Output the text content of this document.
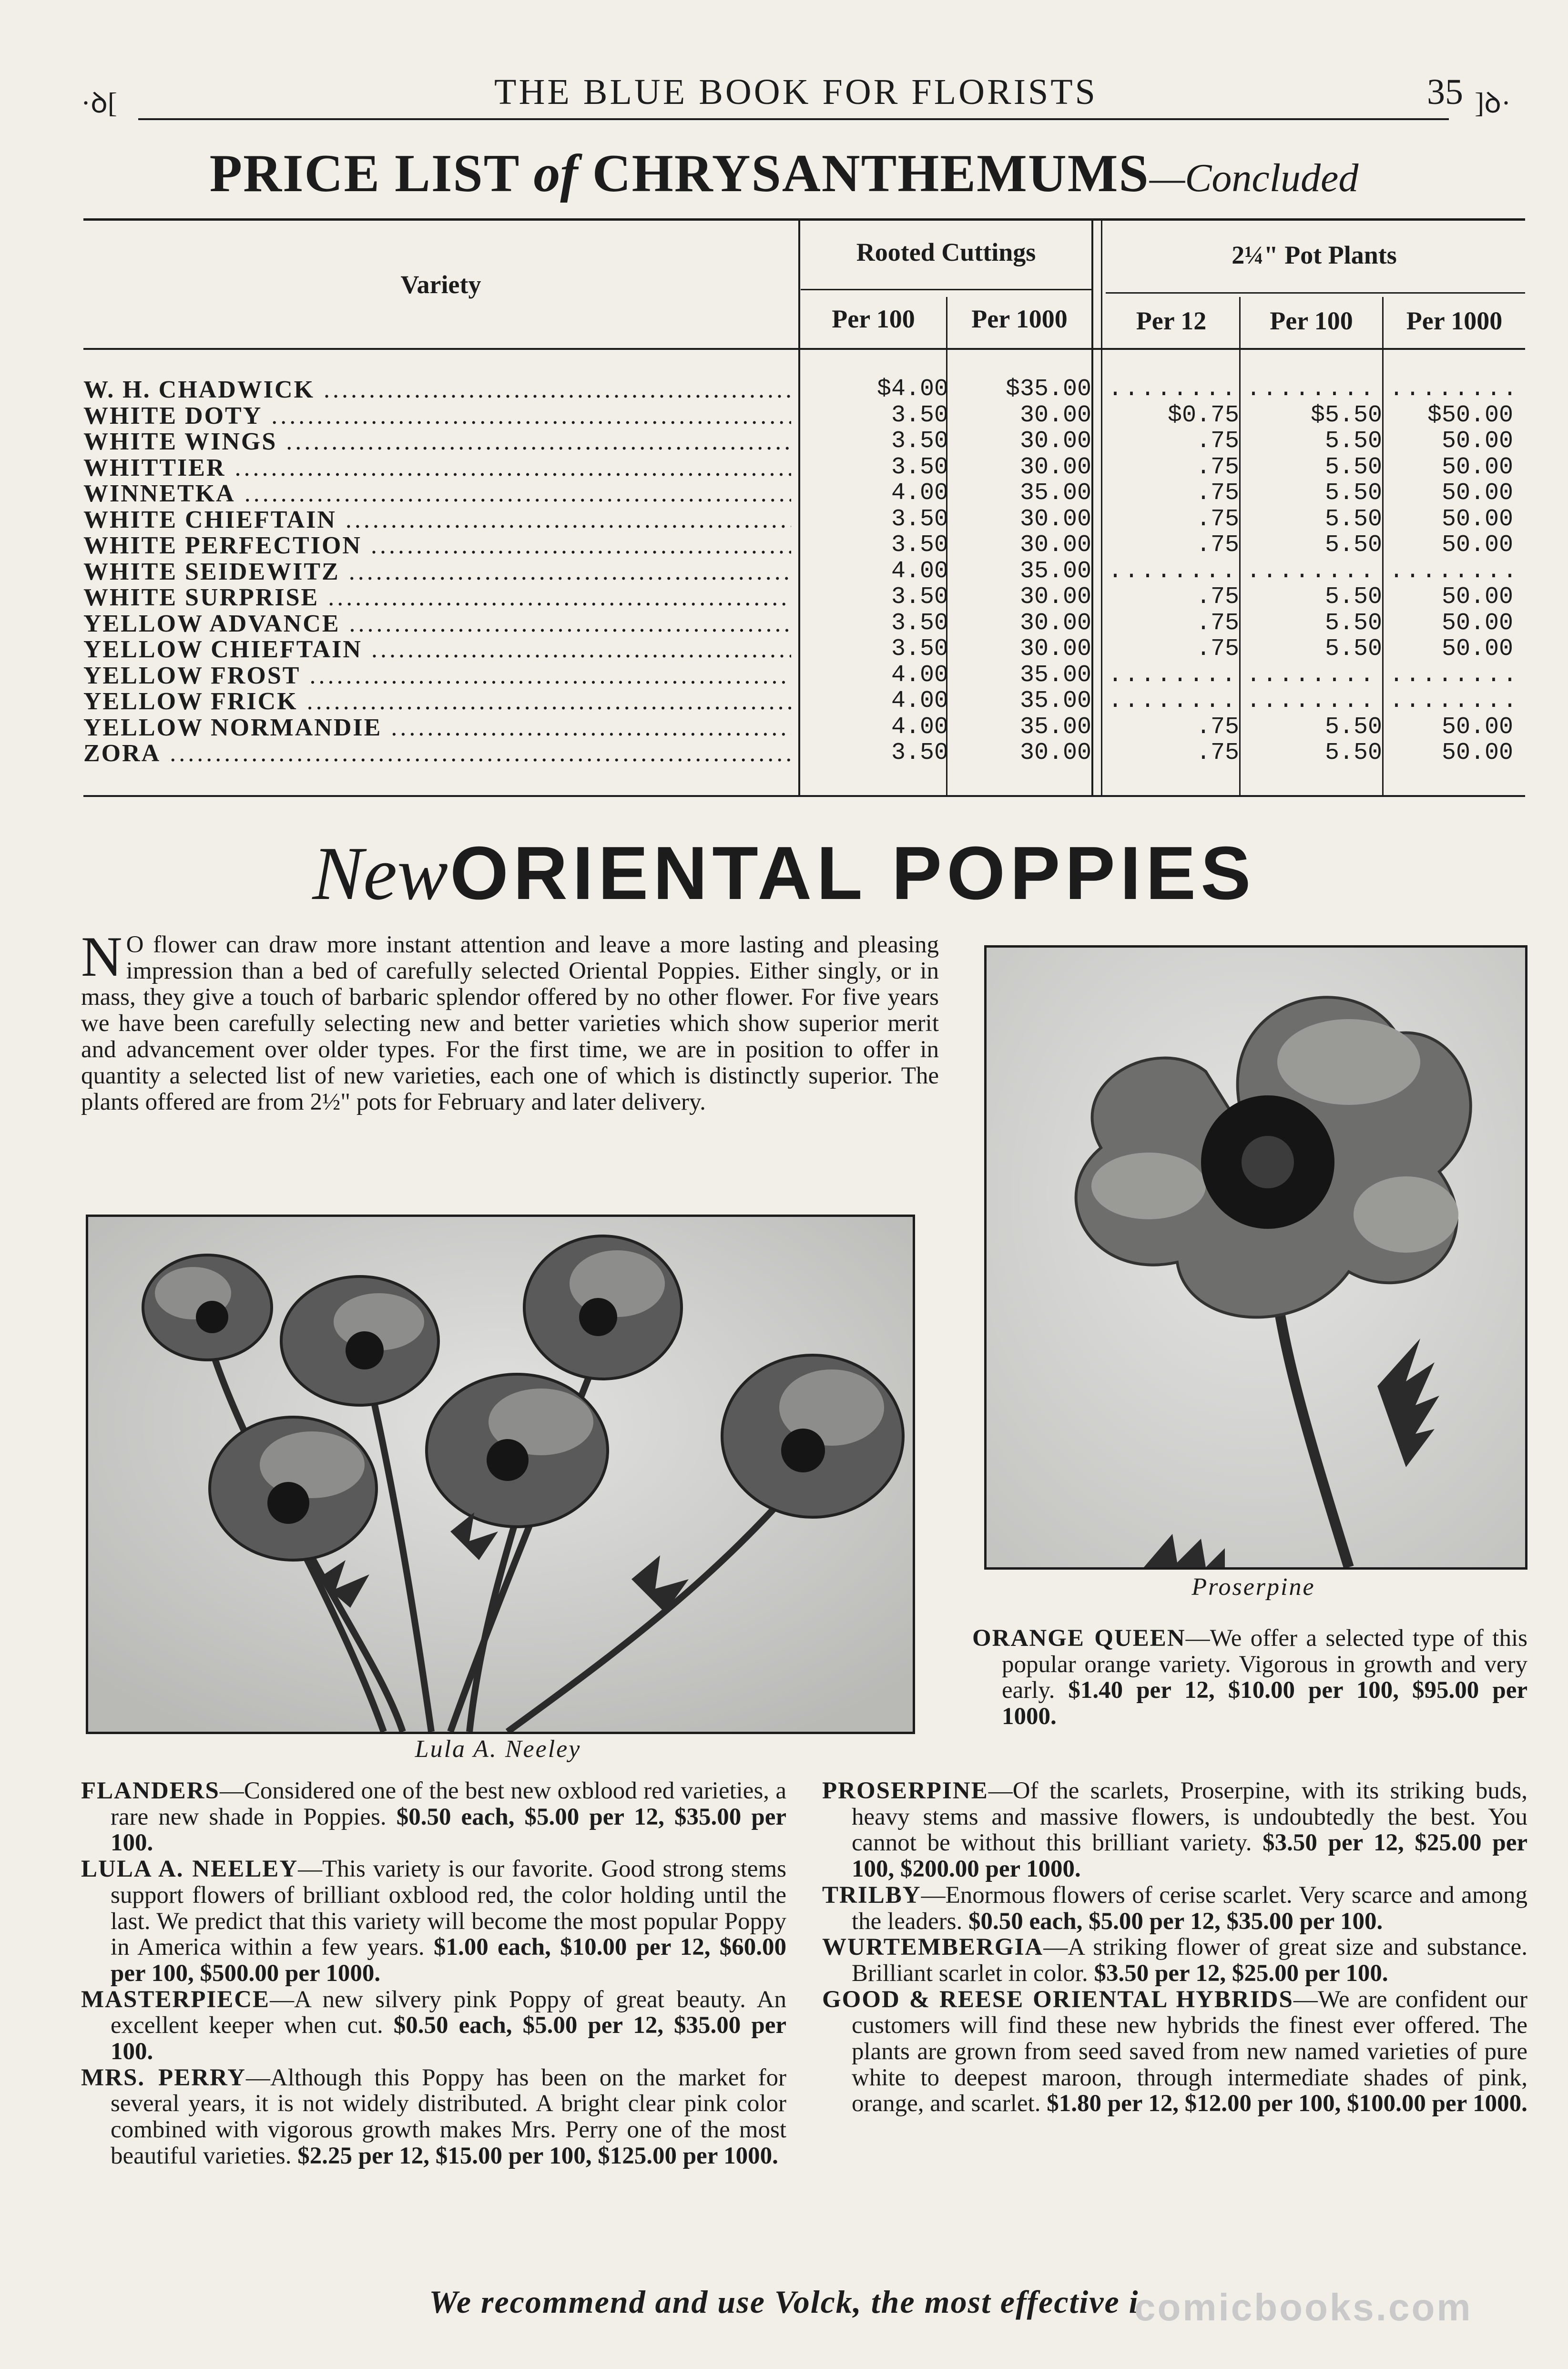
·ꝺ[	THE BLUE BOOK FOR FLORISTS	35 ]ꝺ·
PRICE LIST of CHRYSANTHEMUMS—Concluded
Variety
Rooted Cuttings	2¼" Pot Plants
Per 100	Per 1000	Per 12	Per 100	Per 1000
W. H. CHADWICK .....	$4.00 $35.00 ........ ........ ........
WHITE DOTY .....	3.50	30.00	$0.75	$5.50 $50.00
WHITE WINGS .....	3.50	30.00	.75	5.50 50.00
WHITTIER .....	3.50	30.00	.75	5.50 50.00
WINNETKA .....	4.00	35.00	.75	5.50 50.00
WHITE CHIEFTAIN .....	3.50	30.00	.75	5.50 50.00
WHITE PERFECTION .....	3.50	30.00	.75	5.50 50.00
WHITE SEIDEWITZ .....	4.00	35.00 ........ ........ ........
WHITE SURPRISE .....	3.50	30.00	.75	5.50 50.00
YELLOW ADVANCE .....	3.50	30.00	.75	5.50 50.00
YELLOW CHIEFTAIN .....	3.50	30.00	.75	5.50 50.00
YELLOW FROST .....	4.00	35.00 ........ ........ ........
YELLOW FRICK .....	4.00	35.00 ........ ........ ........
YELLOW NORMANDIE .....	4.00	35.00	.75	5.50 50.00
ZORA .....	3.50	30.00	.75	5.50 50.00
New ORIENTAL POPPIES
N O flower can draw more instant attention and leave a more lasting and pleasing impression than a bed of carefully selected Oriental Poppies. Either singly, or in mass, they give a touch of barbaric splendor offered by no other flower. For five years we have been carefully selecting new and better varieties which show superior merit and advancement over older types. For the first time, we are in position to offer in quantity a selected list of new varieties, each one of which is distinctly superior. The plants offered are from 2½" pots for February and later delivery.
Lula A. Neeley
Proserpine

ORANGE QUEEN—We offer a selected type of this popular orange variety. Vigorous in growth and very early. $1.40 per 12, $10.00 per 100, $95.00 per 1000.

FLANDERS—Considered one of the best new oxblood red varieties, a rare new shade in Poppies. $0.50 each, $5.00 per 12, $35.00 per 100.

LULA A. NEELEY—This variety is our favorite. Good strong stems support flowers of brilliant oxblood red, the color holding until the last. We predict that this variety will become the most popular Poppy in America within a few years. $1.00 each, $10.00 per 12, $60.00 per 100, $500.00 per 1000.

MASTERPIECE—A new silvery pink Poppy of great beauty. An excellent keeper when cut. $0.50 each, $5.00 per 12, $35.00 per 100.

MRS. PERRY—Although this Poppy has been on the market for several years, it is not widely distributed. A bright clear pink color combined with vigorous growth makes Mrs. Perry one of the most beautiful varieties. $2.25 per 12, $15.00 per 100, $125.00 per 1000.

PROSERPINE—Of the scarlets, Proserpine, with its striking buds, heavy stems and massive flowers, is undoubtedly the best. You cannot be without this brilliant variety. $3.50 per 12, $25.00 per 100, $200.00 per 1000.

TRILBY—Enormous flowers of cerise scarlet. Very scarce and among the leaders. $0.50 each, $5.00 per 12, $35.00 per 100.

WURTEMBERGIA—A striking flower of great size and substance. Brilliant scarlet in color. $3.50 per 12, $25.00 per 100.

GOOD & REESE ORIENTAL HYBRIDS—We are confident our customers will find these new hybrids the finest ever offered. The plants are grown from seed saved from new named varieties of pure white to deepest maroon, through intermediate shades of pink, orange, and scarlet. $1.80 per 12, $12.00 per 100, $100.00 per 1000.

We recommend and use Volck, the most effective i
comicbooks.com
